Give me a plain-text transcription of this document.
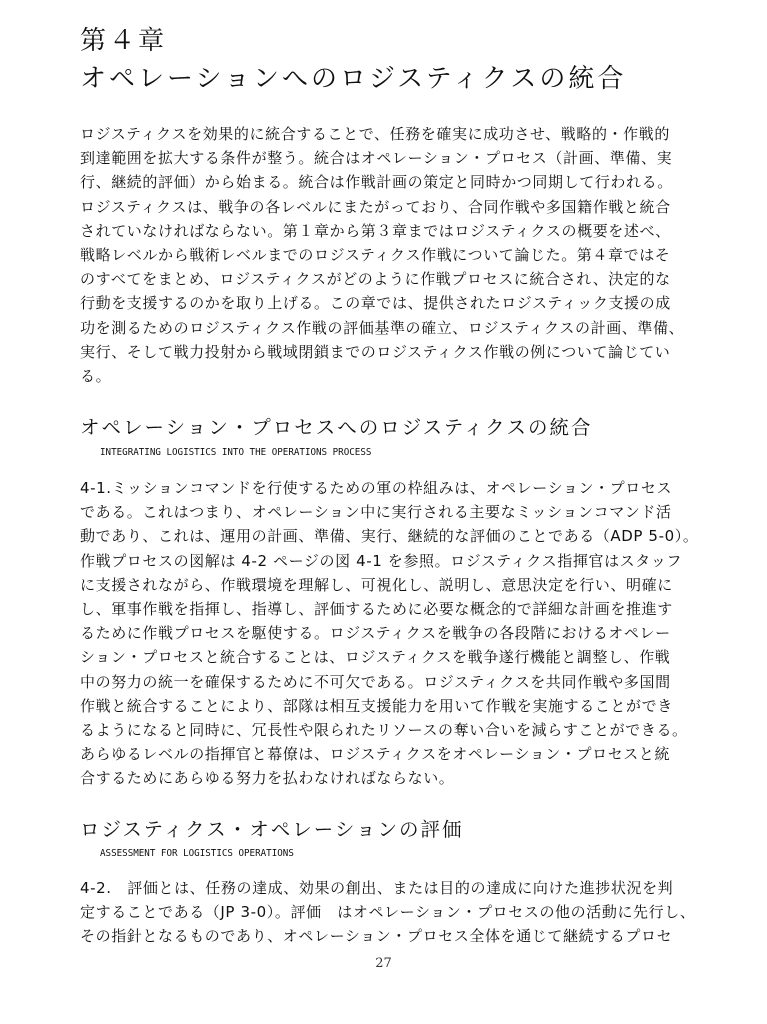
第４章
オペレーションへのロジスティクスの統合
ロジスティクスを効果的に統合することで、任務を確実に成功させ、戦略的・作戦的
到達範囲を拡大する条件が整う。統合はオペレーション・プロセス（計画、準備、実
行、継続的評価）から始まる。統合は作戦計画の策定と同時かつ同期して行われる。
ロジスティクスは、戦争の各レベルにまたがっており、合同作戦や多国籍作戦と統合
されていなければならない。第１章から第３章まではロジスティクスの概要を述べ、
戦略レベルから戦術レベルまでのロジスティクス作戦について論じた。第４章ではそ
のすべてをまとめ、ロジスティクスがどのように作戦プロセスに統合され、決定的な
行動を支援するのかを取り上げる。この章では、提供されたロジスティック支援の成
功を測るためのロジスティクス作戦の評価基準の確立、ロジスティクスの計画、準備、
実行、そして戦力投射から戦域閉鎖までのロジスティクス作戦の例について論じてい
る。
オペレーション・プロセスへのロジスティクスの統合
INTEGRATING LOGISTICS INTO THE OPERATIONS PROCESS
4-1.ミッションコマンドを行使するための軍の枠組みは、オペレーション・プロセス
である。これはつまり、オペレーション中に実行される主要なミッションコマンド活
動であり、これは、運用の計画、準備、実行、継続的な評価のことである（ADP 5-0）。
作戦プロセスの図解は 4-2 ページの図 4-1 を参照。ロジスティクス指揮官はスタッフ
に支援されながら、作戦環境を理解し、可視化し、説明し、意思決定を行い、明確に
し、軍事作戦を指揮し、指導し、評価するために必要な概念的で詳細な計画を推進す
るために作戦プロセスを駆使する。ロジスティクスを戦争の各段階におけるオペレー
ション・プロセスと統合することは、ロジスティクスを戦争遂行機能と調整し、作戦
中の努力の統一を確保するために不可欠である。ロジスティクスを共同作戦や多国間
作戦と統合することにより、部隊は相互支援能力を用いて作戦を実施することができ
るようになると同時に、冗長性や限られたリソースの奪い合いを減らすことができる。
あらゆるレベルの指揮官と幕僚は、ロジスティクスをオペレーション・プロセスと統
合するためにあらゆる努力を払わなければならない。
ロジスティクス・オペレーションの評価
ASSESSMENT FOR LOGISTICS OPERATIONS
4-2.　評価とは、任務の達成、効果の創出、または目的の達成に向けた進捗状況を判
定することである（JP 3-0）。評価　はオペレーション・プロセスの他の活動に先行し、
その指針となるものであり、オペレーション・プロセス全体を通じて継続するプロセ
27
